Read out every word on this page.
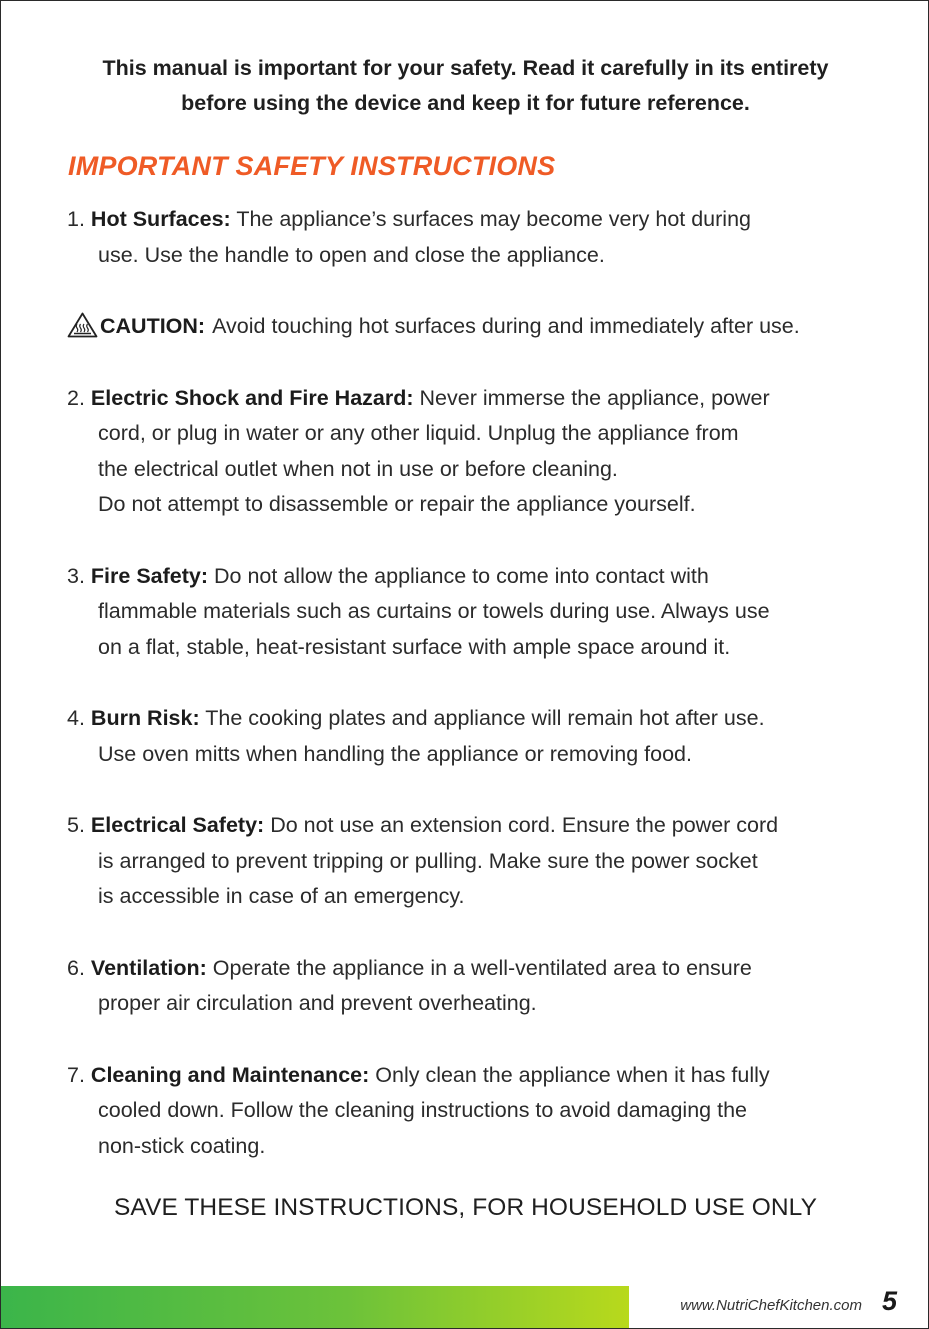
This manual is important for your safety. Read it carefully in its entirety
before using the device and keep it for future reference.
IMPORTANT SAFETY INSTRUCTIONS
1. Hot Surfaces: The appliance’s surfaces may become very hot during
use. Use the handle to open and close the appliance.
CAUTION: Avoid touching hot surfaces during and immediately after use.
2. Electric Shock and Fire Hazard: Never immerse the appliance, power
cord, or plug in water or any other liquid. Unplug the appliance from
the electrical outlet when not in use or before cleaning.
Do not attempt to disassemble or repair the appliance yourself.
3. Fire Safety: Do not allow the appliance to come into contact with
flammable materials such as curtains or towels during use. Always use
on a flat, stable, heat-resistant surface with ample space around it.
4. Burn Risk: The cooking plates and appliance will remain hot after use.
Use oven mitts when handling the appliance or removing food.
5. Electrical Safety: Do not use an extension cord. Ensure the power cord
is arranged to prevent tripping or pulling. Make sure the power socket
is accessible in case of an emergency.
6. Ventilation: Operate the appliance in a well-ventilated area to ensure
proper air circulation and prevent overheating.
7. Cleaning and Maintenance: Only clean the appliance when it has fully
cooled down. Follow the cleaning instructions to avoid damaging the
non-stick coating.
SAVE THESE INSTRUCTIONS, FOR HOUSEHOLD USE ONLY
www.NutriChefKitchen.com 5
